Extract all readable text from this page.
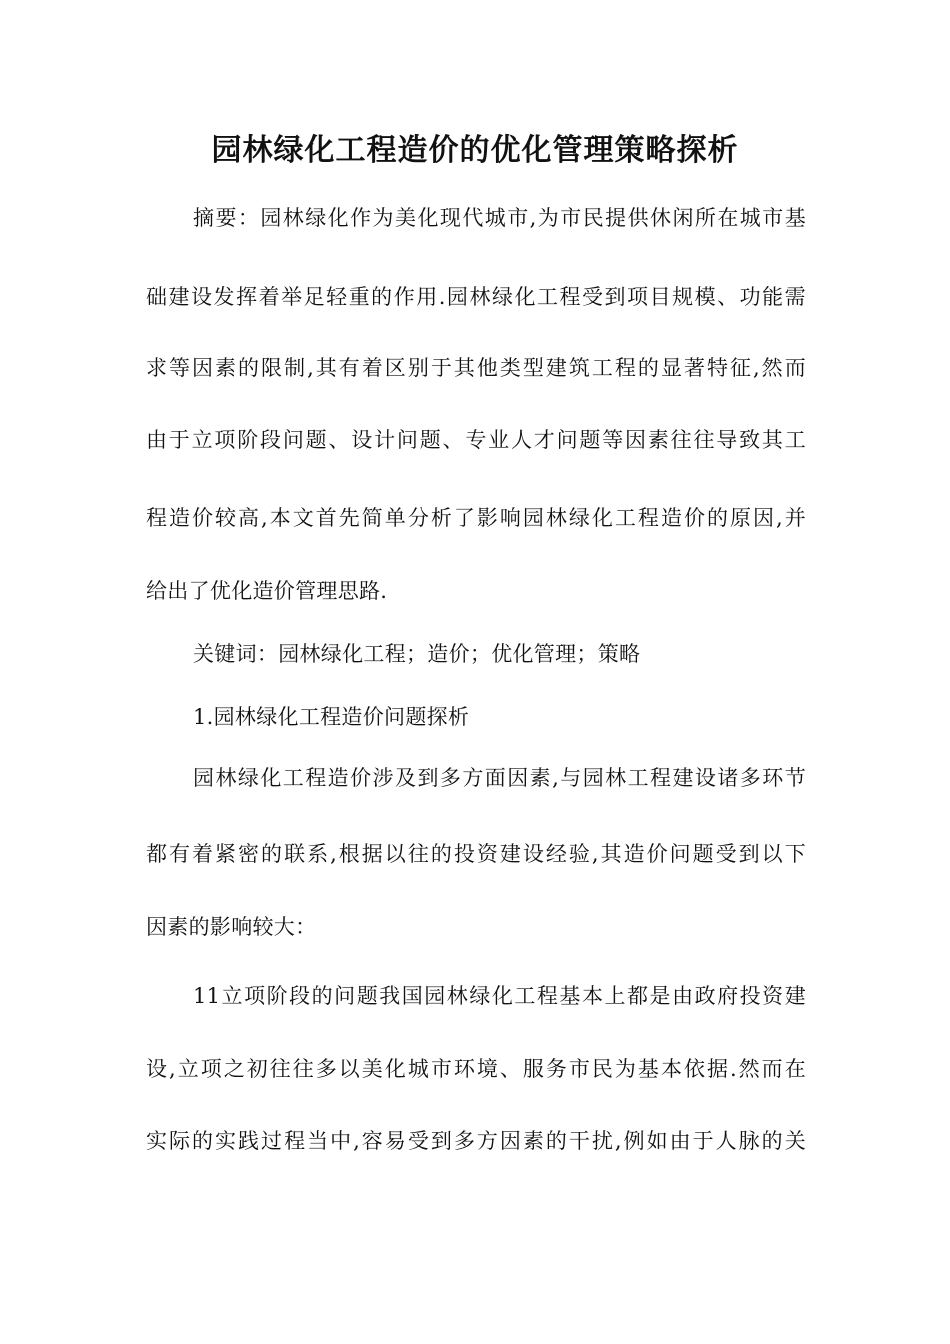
园林绿化工程造价的优化管理策略探析
摘要：园林绿化作为美化现代城市,为市民提供休闲所在城市基
础建设发挥着举足轻重的作用.园林绿化工程受到项目规模、功能需
求等因素的限制,其有着区别于其他类型建筑工程的显著特征,然而
由于立项阶段问题、设计问题、专业人才问题等因素往往导致其工
程造价较高,本文首先简单分析了影响园林绿化工程造价的原因,并
给出了优化造价管理思路.
关键词：园林绿化工程；造价；优化管理；策略
1.园林绿化工程造价问题探析
园林绿化工程造价涉及到多方面因素,与园林工程建设诸多环节
都有着紧密的联系,根据以往的投资建设经验,其造价问题受到以下
因素的影响较大：
11立项阶段的问题我国园林绿化工程基本上都是由政府投资建
设,立项之初往往多以美化城市环境、服务市民为基本依据.然而在
实际的实践过程当中,容易受到多方因素的干扰,例如由于人脉的关
